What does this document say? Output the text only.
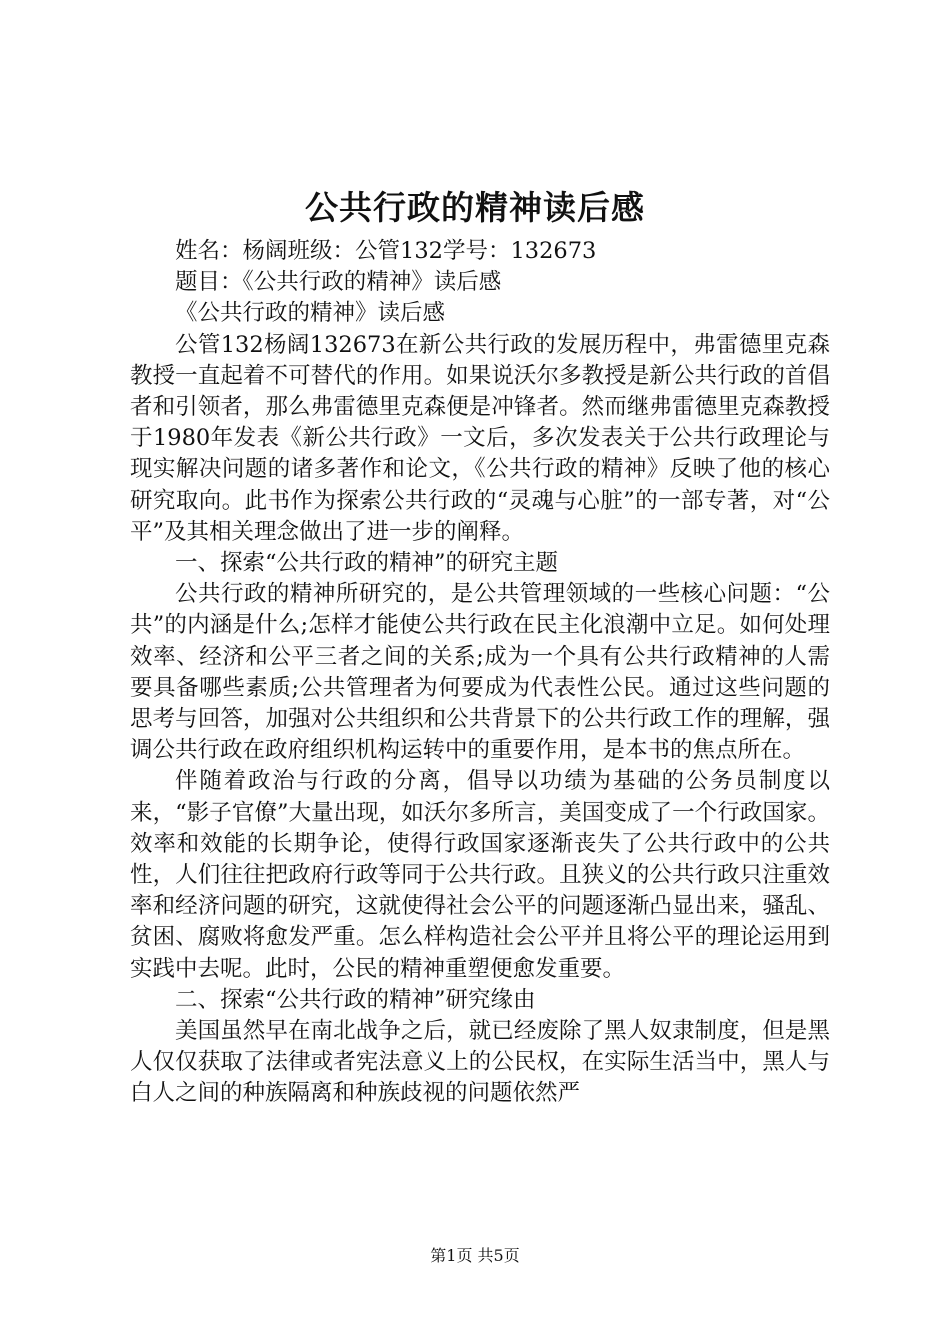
公共行政的精神读后感

姓名：杨阔班级：公管132学号：132673

题目：《公共行政的精神》读后感

《公共行政的精神》读后感

公管132杨阔132673在新公共行政的发展历程中，弗雷德里克森教授一直起着不可替代的作用。如果说沃尔多教授是新公共行政的首倡者和引领者，那么弗雷德里克森便是冲锋者。然而继弗雷德里克森教授于1980年发表《新公共行政》一文后，多次发表关于公共行政理论与现实解决问题的诸多著作和论文，《公共行政的精神》反映了他的核心研究取向。此书作为探索公共行政的“灵魂与心脏”的一部专著，对“公平”及其相关理念做出了进一步的阐释。

一、探索“公共行政的精神”的研究主题

公共行政的精神所研究的，是公共管理领域的一些核心问题：“公共”的内涵是什么;怎样才能使公共行政在民主化浪潮中立足。如何处理效率、经济和公平三者之间的关系;成为一个具有公共行政精神的人需要具备哪些素质;公共管理者为何要成为代表性公民。通过这些问题的思考与回答，加强对公共组织和公共背景下的公共行政工作的理解，强调公共行政在政府组织机构运转中的重要作用，是本书的焦点所在。

伴随着政治与行政的分离，倡导以功绩为基础的公务员制度以来，“影子官僚”大量出现，如沃尔多所言，美国变成了一个行政国家。效率和效能的长期争论，使得行政国家逐渐丧失了公共行政中的公共性，人们往往把政府行政等同于公共行政。且狭义的公共行政只注重效率和经济问题的研究，这就使得社会公平的问题逐渐凸显出来，骚乱、贫困、腐败将愈发严重。怎么样构造社会公平并且将公平的理论运用到实践中去呢。此时，公民的精神重塑便愈发重要。

二、探索“公共行政的精神”研究缘由

美国虽然早在南北战争之后，就已经废除了黑人奴隶制度，但是黑人仅仅获取了法律或者宪法意义上的公民权，在实际生活当中，黑人与白人之间的种族隔离和种族歧视的问题依然严

第1页 共5页
